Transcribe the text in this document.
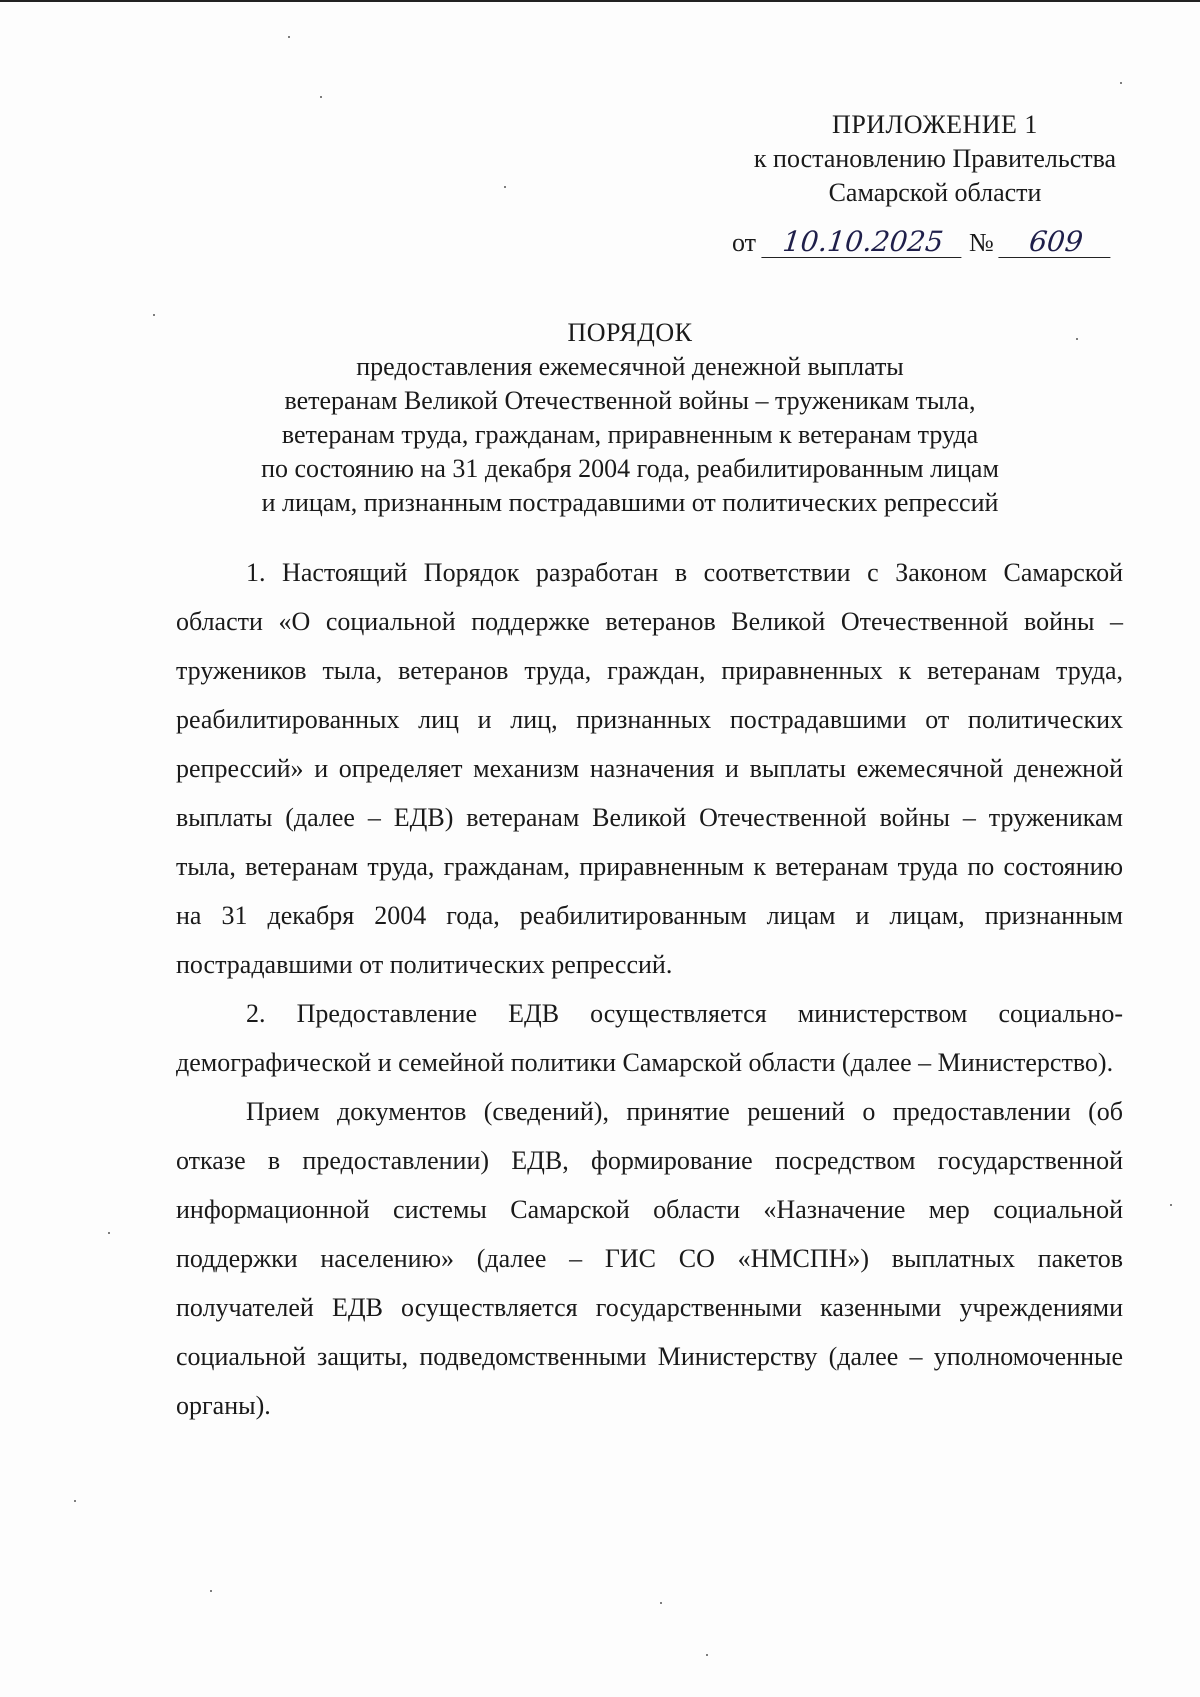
ПРИЛОЖЕНИЕ 1
к постановлению Правительства
Самарской области
от 10.10.2025 № 609
ПОРЯДОК
предоставления ежемесячной денежной выплаты
ветеранам Великой Отечественной войны – труженикам тыла,
ветеранам труда, гражданам, приравненным к ветеранам труда
по состоянию на 31 декабря 2004 года, реабилитированным лицам
и лицам, признанным пострадавшими от политических репрессий

1. Настоящий Порядок разработан в соответствии с Законом Самарской области «О социальной поддержке ветеранов Великой Отечественной войны – тружеников тыла, ветеранов труда, граждан, приравненных к ветеранам труда, реабилитированных лиц и лиц, признанных пострадавшими от политических репрессий» и определяет механизм назначения и выплаты ежемесячной денежной выплаты (далее – ЕДВ) ветеранам Великой Отечественной войны – труженикам тыла, ветеранам труда, гражданам, приравненным к ветеранам труда по состоянию на 31 декабря 2004 года, реабилитированным лицам и лицам, признанным пострадавшими от политических репрессий.

2. Предоставление ЕДВ осуществляется министерством социально-демографической и семейной политики Самарской области (далее – Министерство).

Прием документов (сведений), принятие решений о предоставлении (об отказе в предоставлении) ЕДВ, формирование посредством государственной информационной системы Самарской области «Назначение мер социальной поддержки населению» (далее – ГИС СО «НМСПН») выплатных пакетов получателей ЕДВ осуществляется государственными казенными учреждениями социальной защиты, подведомственными Министерству (далее – уполномоченные органы).
